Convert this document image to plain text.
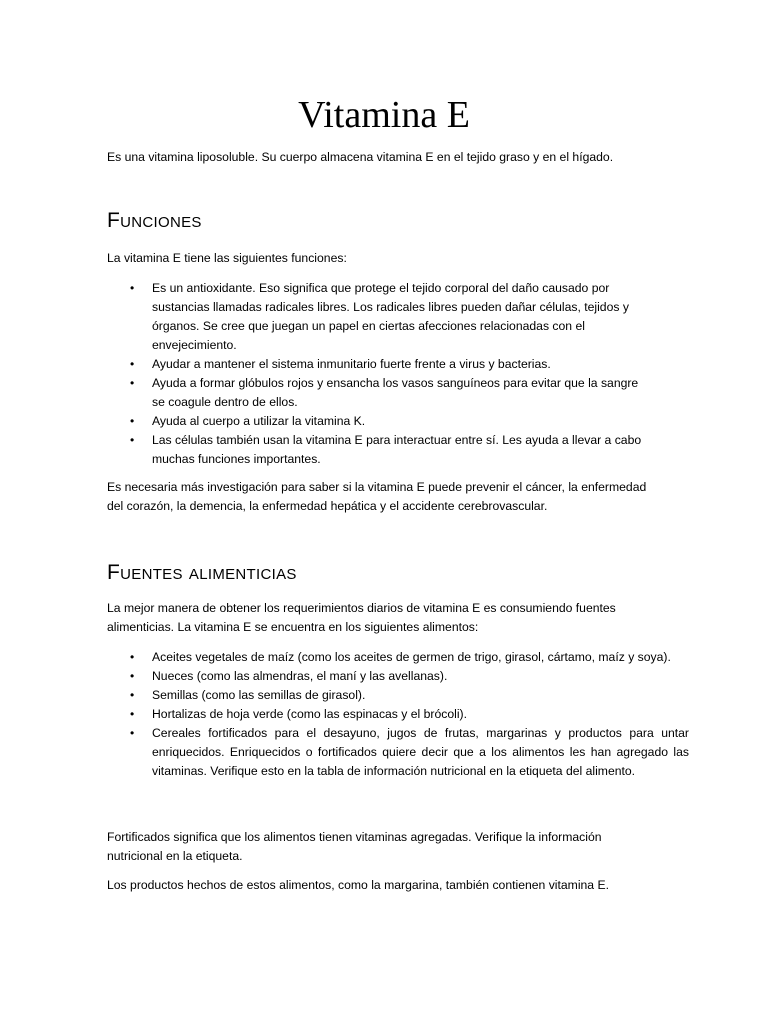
Vitamina E

Es una vitamina liposoluble. Su cuerpo almacena vitamina E en el tejido graso y en el hígado.

Funciones

La vitamina E tiene las siguientes funciones:

• Es un antioxidante. Eso significa que protege el tejido corporal del daño causado por sustancias llamadas radicales libres. Los radicales libres pueden dañar células, tejidos y órganos. Se cree que juegan un papel en ciertas afecciones relacionadas con el envejecimiento.
• Ayudar a mantener el sistema inmunitario fuerte frente a virus y bacterias.
• Ayuda a formar glóbulos rojos y ensancha los vasos sanguíneos para evitar que la sangre se coagule dentro de ellos.
• Ayuda al cuerpo a utilizar la vitamina K.
• Las células también usan la vitamina E para interactuar entre sí. Les ayuda a llevar a cabo muchas funciones importantes.

Es necesaria más investigación para saber si la vitamina E puede prevenir el cáncer, la enfermedad del corazón, la demencia, la enfermedad hepática y el accidente cerebrovascular.

Fuentes alimenticias

La mejor manera de obtener los requerimientos diarios de vitamina E es consumiendo fuentes alimenticias. La vitamina E se encuentra en los siguientes alimentos:

• Aceites vegetales de maíz (como los aceites de germen de trigo, girasol, cártamo, maíz y soya).
• Nueces (como las almendras, el maní y las avellanas).
• Semillas (como las semillas de girasol).
• Hortalizas de hoja verde (como las espinacas y el brócoli).
• Cereales fortificados para el desayuno, jugos de frutas, margarinas y productos para untar enriquecidos. Enriquecidos o fortificados quiere decir que a los alimentos les han agregado las vitaminas. Verifique esto en la tabla de información nutricional en la etiqueta del alimento.

Fortificados significa que los alimentos tienen vitaminas agregadas. Verifique la información nutricional en la etiqueta.

Los productos hechos de estos alimentos, como la margarina, también contienen vitamina E.
